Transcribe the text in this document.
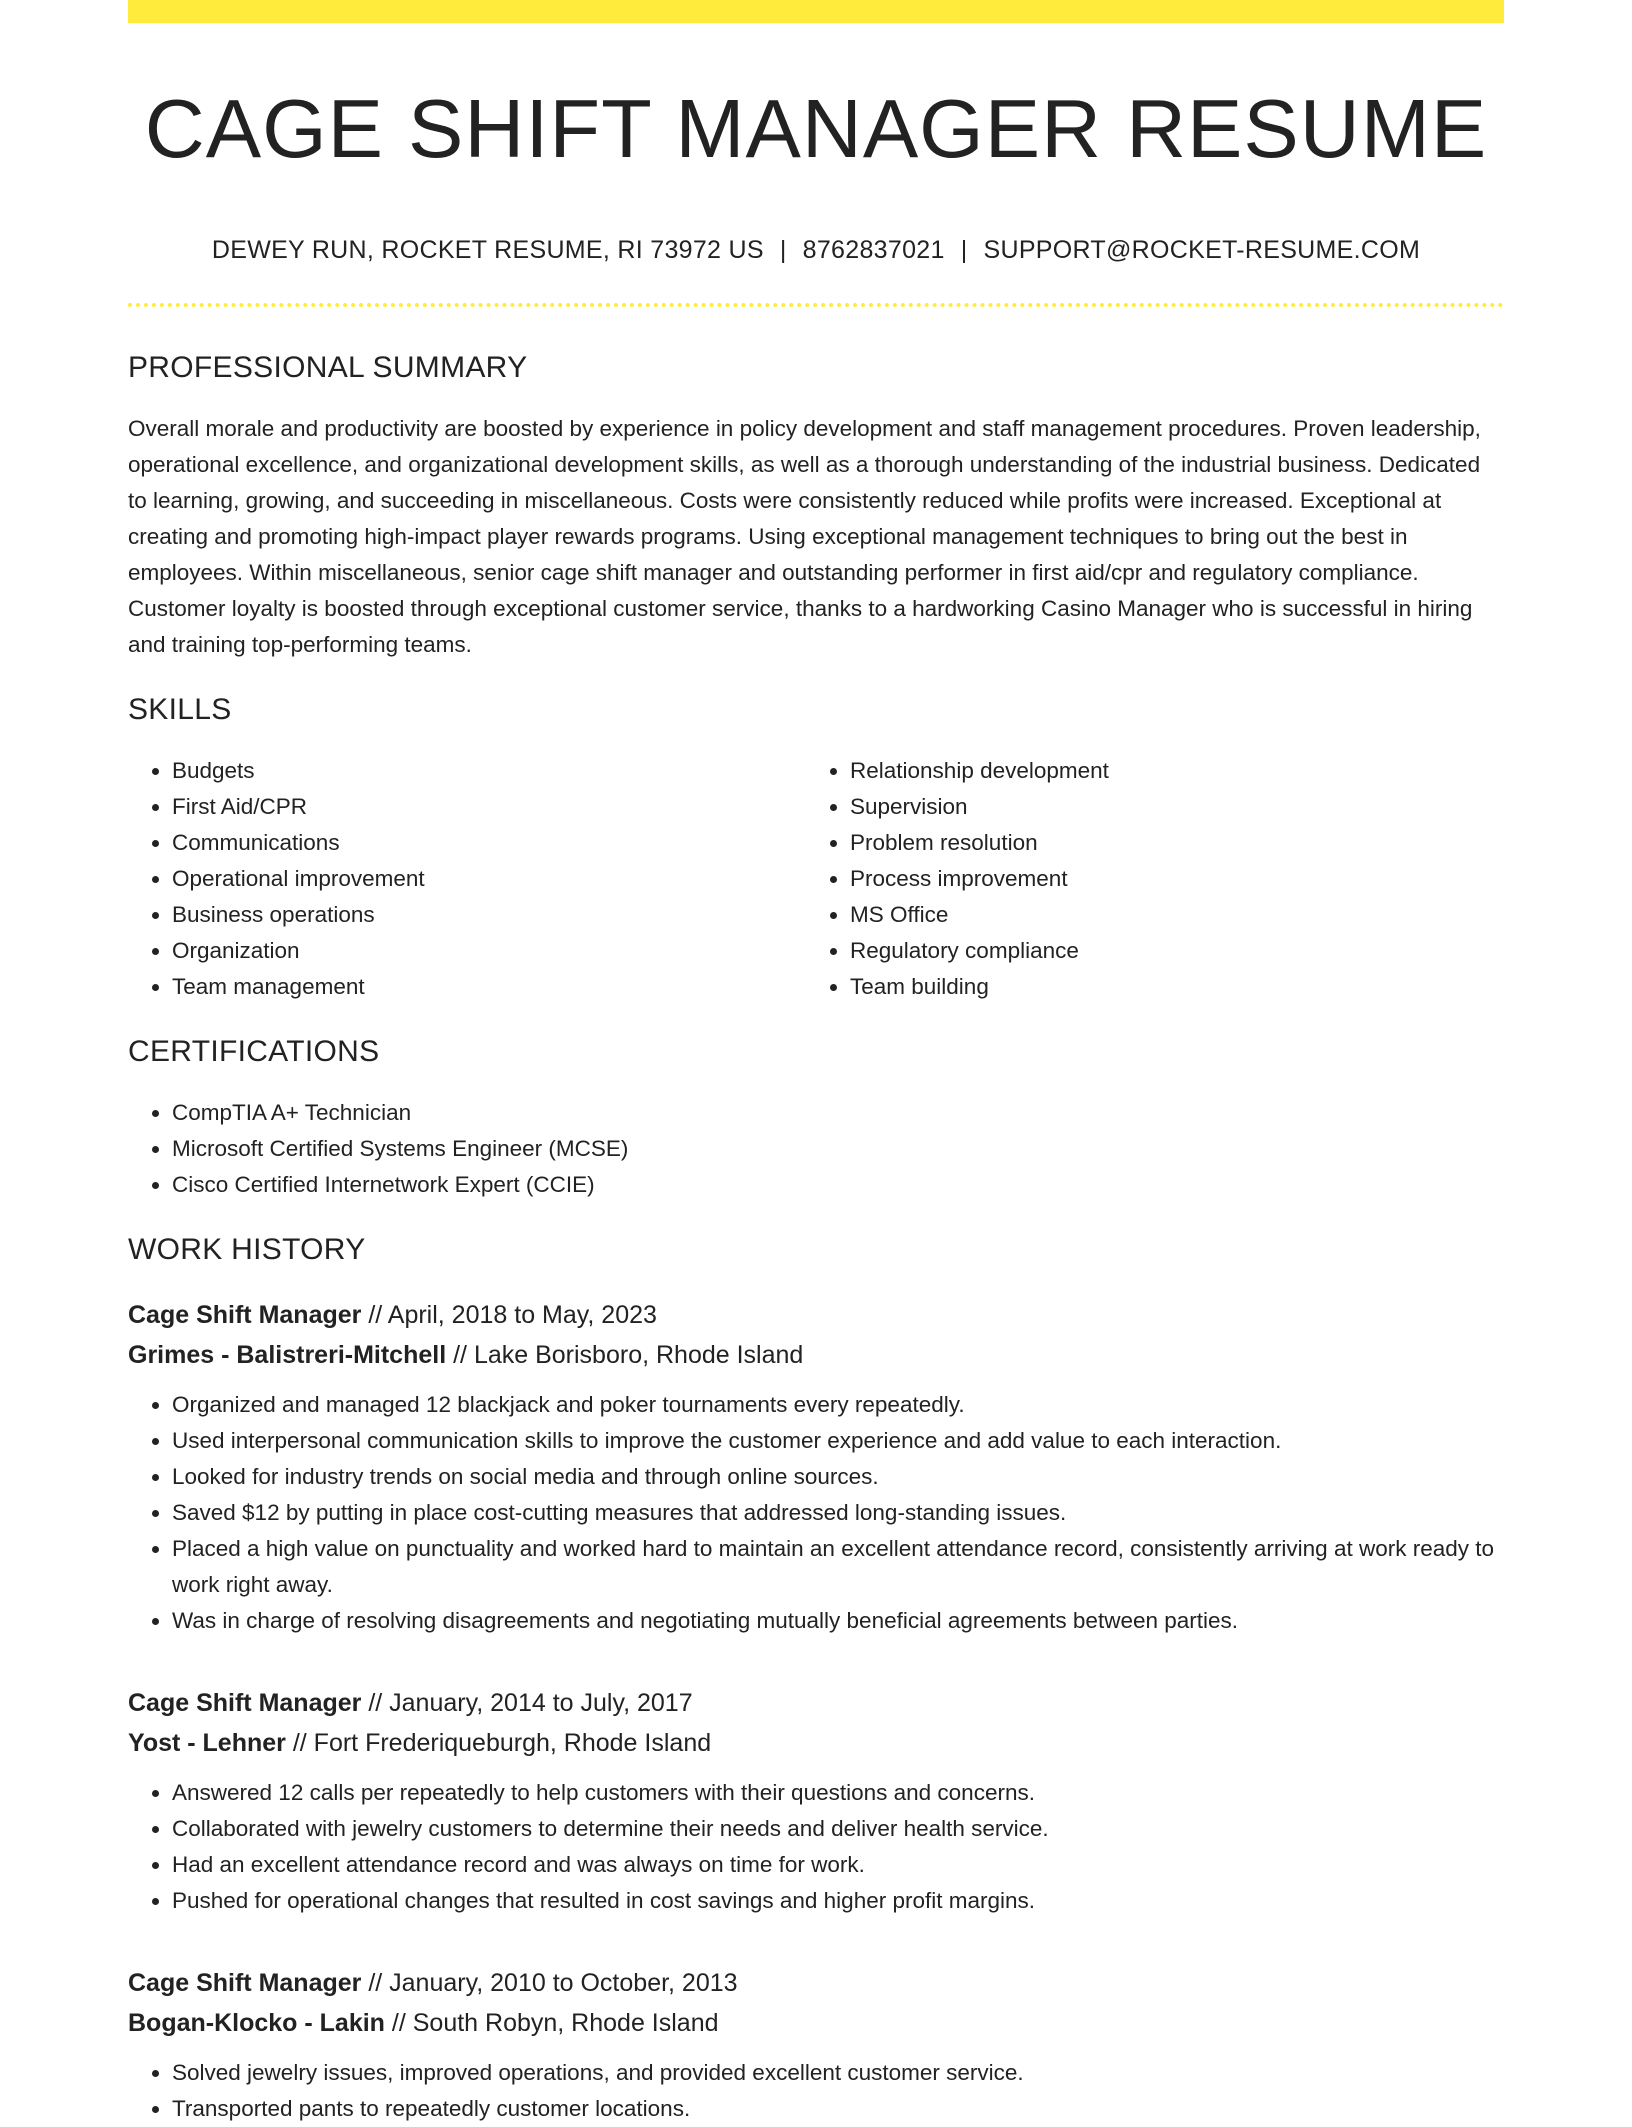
CAGE SHIFT MANAGER RESUME
DEWEY RUN, ROCKET RESUME, RI 73972 US | 8762837021 | SUPPORT@ROCKET-RESUME.COM
PROFESSIONAL SUMMARY
Overall morale and productivity are boosted by experience in policy development and staff management procedures. Proven leadership, operational excellence, and organizational development skills, as well as a thorough understanding of the industrial business. Dedicated to learning, growing, and succeeding in miscellaneous. Costs were consistently reduced while profits were increased. Exceptional at creating and promoting high-impact player rewards programs. Using exceptional management techniques to bring out the best in employees. Within miscellaneous, senior cage shift manager and outstanding performer in first aid/cpr and regulatory compliance. Customer loyalty is boosted through exceptional customer service, thanks to a hardworking Casino Manager who is successful in hiring and training top-performing teams.
SKILLS
• Budgets
• First Aid/CPR
• Communications
• Operational improvement
• Business operations
• Organization
• Team management
• Relationship development
• Supervision
• Problem resolution
• Process improvement
• MS Office
• Regulatory compliance
• Team building
CERTIFICATIONS
• CompTIA A+ Technician
• Microsoft Certified Systems Engineer (MCSE)
• Cisco Certified Internetwork Expert (CCIE)
WORK HISTORY
Cage Shift Manager // April, 2018 to May, 2023
Grimes - Balistreri-Mitchell // Lake Borisboro, Rhode Island
• Organized and managed 12 blackjack and poker tournaments every repeatedly.
• Used interpersonal communication skills to improve the customer experience and add value to each interaction.
• Looked for industry trends on social media and through online sources.
• Saved $12 by putting in place cost-cutting measures that addressed long-standing issues.
• Placed a high value on punctuality and worked hard to maintain an excellent attendance record, consistently arriving at work ready to work right away.
• Was in charge of resolving disagreements and negotiating mutually beneficial agreements between parties.
Cage Shift Manager // January, 2014 to July, 2017
Yost - Lehner // Fort Frederiqueburgh, Rhode Island
• Answered 12 calls per repeatedly to help customers with their questions and concerns.
• Collaborated with jewelry customers to determine their needs and deliver health service.
• Had an excellent attendance record and was always on time for work.
• Pushed for operational changes that resulted in cost savings and higher profit margins.
Cage Shift Manager // January, 2010 to October, 2013
Bogan-Klocko - Lakin // South Robyn, Rhode Island
• Solved jewelry issues, improved operations, and provided excellent customer service.
• Transported pants to repeatedly customer locations.
